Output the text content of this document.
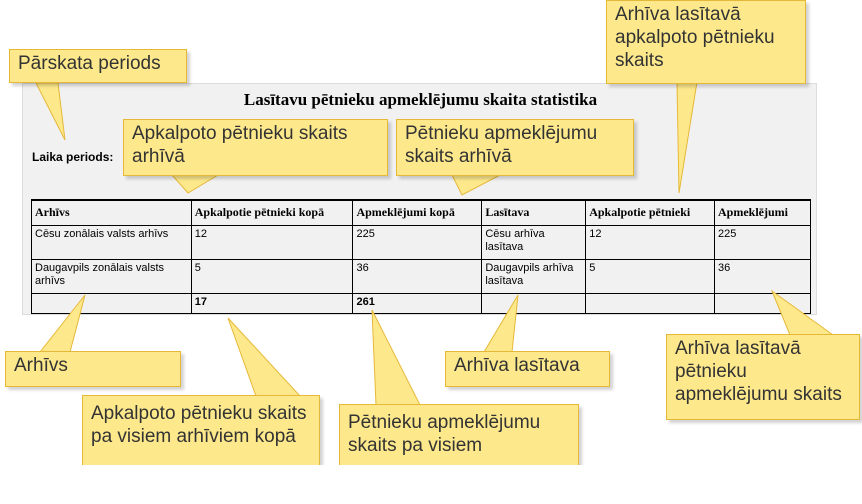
Lasītavu pētnieku apmeklējumu skaita statistika
Laika periods:
Arhīvs	Apkalpotie pētnieki kopā	Apmeklējumi kopā	Lasītava	Apkalpotie pētnieki	Apmeklējumi
Cēsu zonālais valsts arhīvs	12	225	Cēsu arhīva lasītava	12	225
Daugavpils zonālais valsts arhīvs	5	36	Daugavpils arhīva lasītava	5	36
	17	261			
Pārskata periods
Apkalpoto pētnieku skaits arhīvā
Pētnieku apmeklējumu skaits arhīvā
Arhīva lasītavā apkalpoto pētnieku skaits
Arhīvs	Arhīva lasītava
Arhīva lasītavā pētnieku apmeklējumu skaits
Apkalpoto pētnieku skaits pa visiem arhīviem kopā
Pētnieku apmeklējumu skaits pa visiem
